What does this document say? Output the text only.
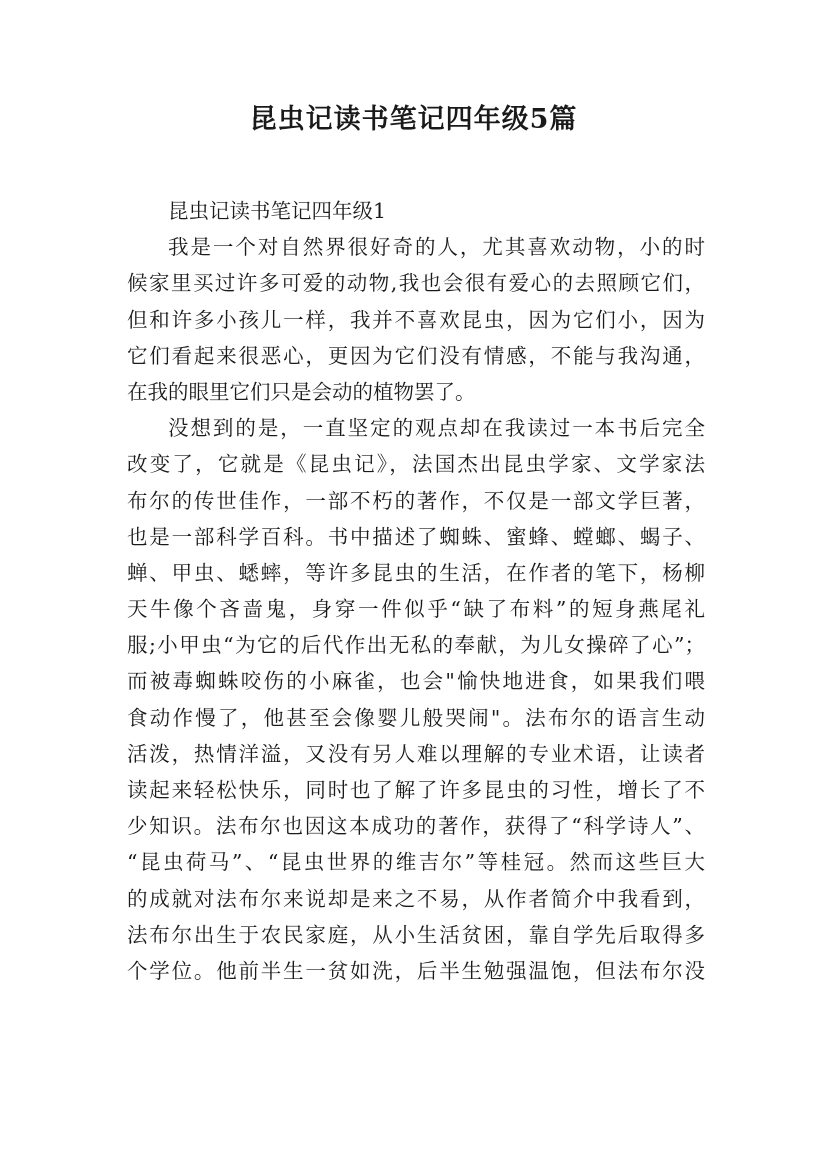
昆虫记读书笔记四年级5篇
昆虫记读书笔记四年级1
我是一个对自然界很好奇的人，尤其喜欢动物，小的时
候家里买过许多可爱的动物,我也会很有爱心的去照顾它们，
但和许多小孩儿一样，我并不喜欢昆虫，因为它们小，因为
它们看起来很恶心，更因为它们没有情感，不能与我沟通，
在我的眼里它们只是会动的植物罢了。
没想到的是，一直坚定的观点却在我读过一本书后完全
改变了，它就是《昆虫记》，法国杰出昆虫学家、文学家法
布尔的传世佳作，一部不朽的著作，不仅是一部文学巨著，
也是一部科学百科。书中描述了蜘蛛、蜜蜂、螳螂、蝎子、
蝉、甲虫、蟋蟀，等许多昆虫的生活，在作者的笔下，杨柳
天牛像个吝啬鬼，身穿一件似乎“缺了布料”的短身燕尾礼
服;小甲虫“为它的后代作出无私的奉献，为儿女操碎了心”；
而被毒蜘蛛咬伤的小麻雀，也会"愉快地进食，如果我们喂
食动作慢了，他甚至会像婴儿般哭闹"。法布尔的语言生动
活泼，热情洋溢，又没有另人难以理解的专业术语，让读者
读起来轻松快乐，同时也了解了许多昆虫的习性，增长了不
少知识。法布尔也因这本成功的著作，获得了“科学诗人”、
“昆虫荷马”、“昆虫世界的维吉尔”等桂冠。然而这些巨大
的成就对法布尔来说却是来之不易，从作者简介中我看到，
法布尔出生于农民家庭，从小生活贫困，靠自学先后取得多
个学位。他前半生一贫如洗，后半生勉强温饱，但法布尔没
